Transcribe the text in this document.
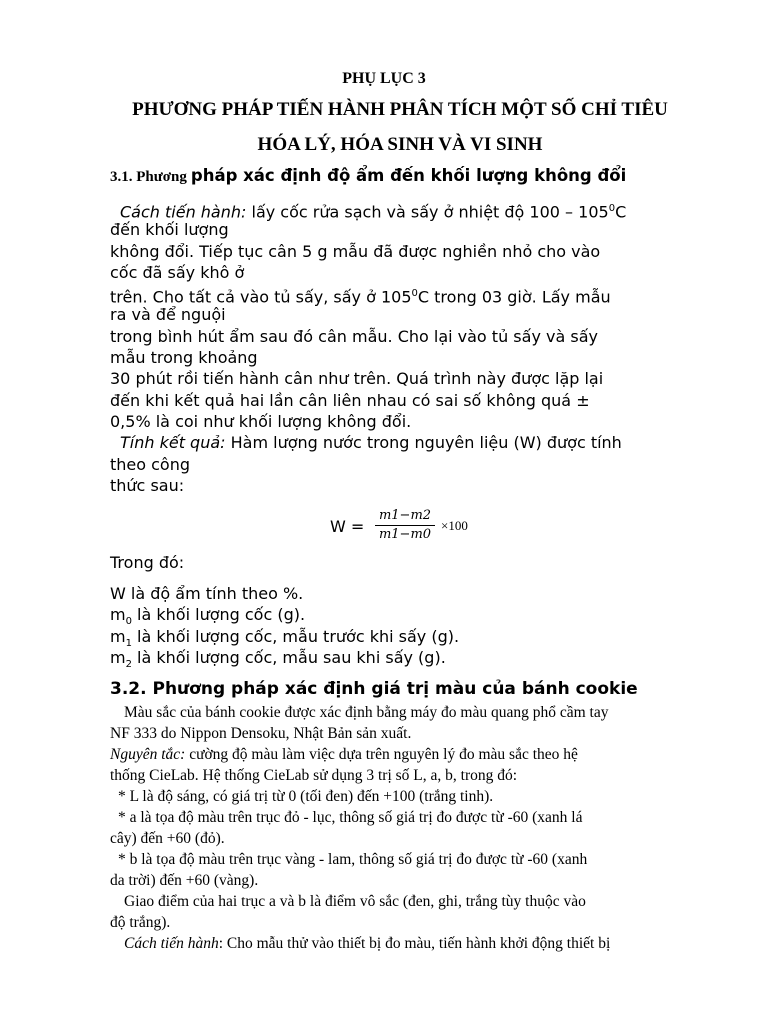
PHỤ LỤC 3
PHƯƠNG PHÁP TIẾN HÀNH PHÂN TÍCH MỘT SỐ CHỈ TIÊU
HÓA LÝ, HÓA SINH VÀ VI SINH
3.1. Phương pháp xác định độ ẩm đến khối lượng không đổi
Cách tiến hành: lấy cốc rửa sạch và sấy ở nhiệt độ $100 - 105^0C$
đến khối lượng
không đổi. Tiếp tục cân 5 g mẫu đã được nghiền nhỏ cho vào
cốc đã sấy khô ở
trên. Cho tất cả vào tủ sấy, sấy ở $105^0C$ trong 03 giờ. Lấy mẫu
ra và để nguội
trong bình hút ẩm sau đó cân mẫu. Cho lại vào tủ sấy và sấy
mẫu trong khoảng
30 phút rồi tiến hành cân như trên. Quá trình này được lặp lại
đến khi kết quả hai lần cân liên nhau có sai số không quá ±
0,5% là coi như khối lượng không đổi.
Tính kết quả: Hàm lượng nước trong nguyên liệu (W) được tính
theo công
thức sau:
W =
m1−m2
m1−m0
×100
Trong đó:
W là độ ẩm tính theo %.
$m_0$ là khối lượng cốc (g).
$m_1$ là khối lượng cốc, mẫu trước khi sấy (g).
$m_2$ là khối lượng cốc, mẫu sau khi sấy (g).
3.2. Phương pháp xác định giá trị màu của bánh cookie
Màu sắc của bánh cookie được xác định bằng máy đo màu quang phổ cầm tay
NF 333 do Nippon Densoku, Nhật Bản sản xuất.
Nguyên tắc: cường độ màu làm việc dựa trên nguyên lý đo màu sắc theo hệ
thống CieLab. Hệ thống CieLab sử dụng 3 trị số L, a, b, trong đó:
* L là độ sáng, có giá trị từ 0 (tối đen) đến +100 (trắng tinh).
* a là tọa độ màu trên trục đỏ - lục, thông số giá trị đo được từ -60 (xanh lá
cây) đến +60 (đỏ).
* b là tọa độ màu trên trục vàng - lam, thông số giá trị đo được từ -60 (xanh
da trời) đến +60 (vàng).
Giao điểm của hai trục a và b là điểm vô sắc (đen, ghi, trắng tùy thuộc vào
độ trắng).
Cách tiến hành: Cho mẫu thử vào thiết bị đo màu, tiến hành khởi động thiết bị
